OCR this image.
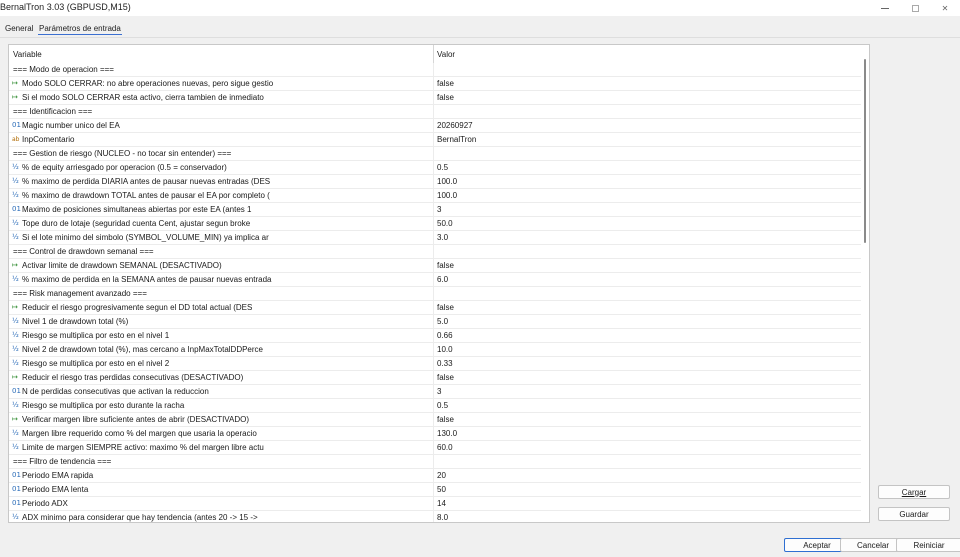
BernalTron 3.03 (GBPUSD,M15)	✕
General Parámetros de entrada
Variable	Valor
=== Modo de operacion ===
↦ Modo SOLO CERRAR: no abre operaciones nuevas, pero sigue gestio	false
↦ Si el modo SOLO CERRAR esta activo, cierra tambien de inmediato	false
=== Identificacion ===
01 Magic number unico del EA	20260927
ab InpComentario	BernalTron
=== Gestion de riesgo (NUCLEO - no tocar sin entender) ===
½ % de equity arriesgado por operacion (0.5 = conservador)	0.5
½ % maximo de perdida DIARIA antes de pausar nuevas entradas (DES	100.0
½ % maximo de drawdown TOTAL antes de pausar el EA por completo (	100.0
01 Maximo de posiciones simultaneas abiertas por este EA (antes 1	3
½ Tope duro de lotaje (seguridad cuenta Cent, ajustar segun broke	50.0
½ Si el lote minimo del simbolo (SYMBOL_VOLUME_MIN) ya implica ar	3.0
=== Control de drawdown semanal ===
↦ Activar limite de drawdown SEMANAL (DESACTIVADO)	false
½ % maximo de perdida en la SEMANA antes de pausar nuevas entrada	6.0
=== Risk management avanzado ===
↦ Reducir el riesgo progresivamente segun el DD total actual (DES	false
½ Nivel 1 de drawdown total (%)	5.0
½ Riesgo se multiplica por esto en el nivel 1	0.66
½ Nivel 2 de drawdown total (%), mas cercano a InpMaxTotalDDPerce	10.0
½ Riesgo se multiplica por esto en el nivel 2	0.33
↦ Reducir el riesgo tras perdidas consecutivas (DESACTIVADO)	false
01 N de perdidas consecutivas que activan la reduccion	3
½ Riesgo se multiplica por esto durante la racha	0.5
↦ Verificar margen libre suficiente antes de abrir (DESACTIVADO)	false
½ Margen libre requerido como % del margen que usaria la operacio	130.0
½ Limite de margen SIEMPRE activo: maximo % del margen libre actu	60.0
=== Filtro de tendencia ===
01 Periodo EMA rapida	20
01 Periodo EMA lenta	50
01 Periodo ADX	14
½ ADX minimo para considerar que hay tendencia (antes 20 -> 15 ->	8.0
Cargar
Guardar
Aceptar	Cancelar	Reiniciar
